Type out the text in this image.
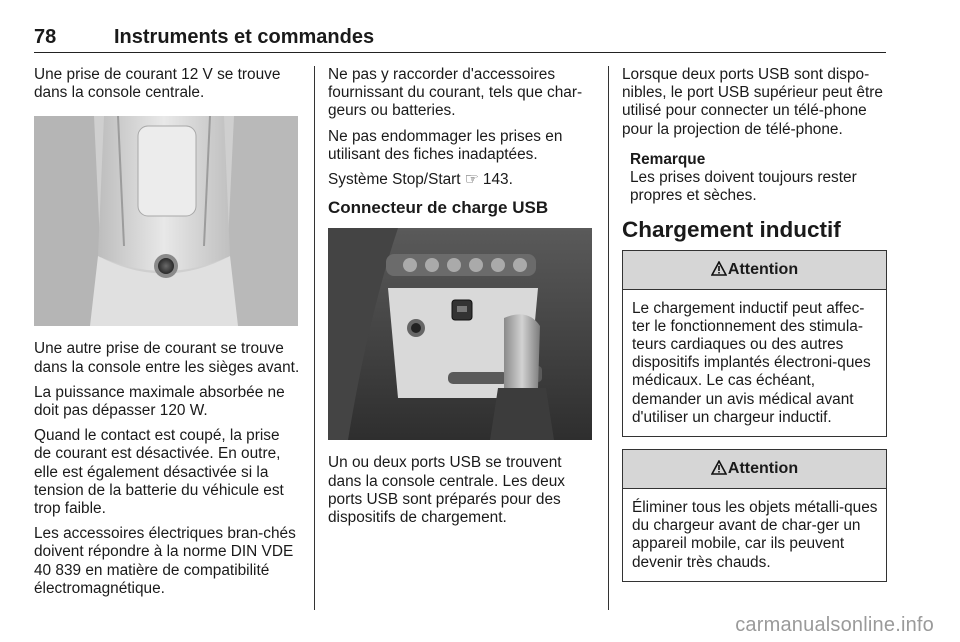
78	Instruments et commandes

Une prise de courant 12 V se trouve dans la console centrale.

Une autre prise de courant se trouve dans la console entre les sièges avant.

La puissance maximale absorbée ne doit pas dépasser 120 W.

Quand le contact est coupé, la prise de courant est désactivée. En outre, elle est également désactivée si la tension de la batterie du véhicule est trop faible.

Les accessoires électriques bran-chés doivent répondre à la norme DIN VDE 40 839 en matière de compatibilité électromagnétique.

Ne pas y raccorder d'accessoires fournissant du courant, tels que char-geurs ou batteries.

Ne pas endommager les prises en utilisant des fiches inadaptées.

Système Stop/Start ☞ 143.

Connecteur de charge USB

Un ou deux ports USB se trouvent dans la console centrale. Les deux ports USB sont préparés pour des dispositifs de chargement.

Lorsque deux ports USB sont dispo-nibles, le port USB supérieur peut être utilisé pour connecter un télé-phone pour la projection de télé-phone.

Remarque
Les prises doivent toujours rester propres et sèches.
Chargement inductif
Attention
Le chargement inductif peut affec-ter le fonctionnement des stimula-teurs cardiaques ou des autres dispositifs implantés électroni-ques médicaux. Le cas échéant, demander un avis médical avant d'utiliser un chargeur inductif.
Attention
Éliminer tous les objets métalli-ques du chargeur avant de char-ger un appareil mobile, car ils peuvent devenir très chauds.
carmanualsonline.info
